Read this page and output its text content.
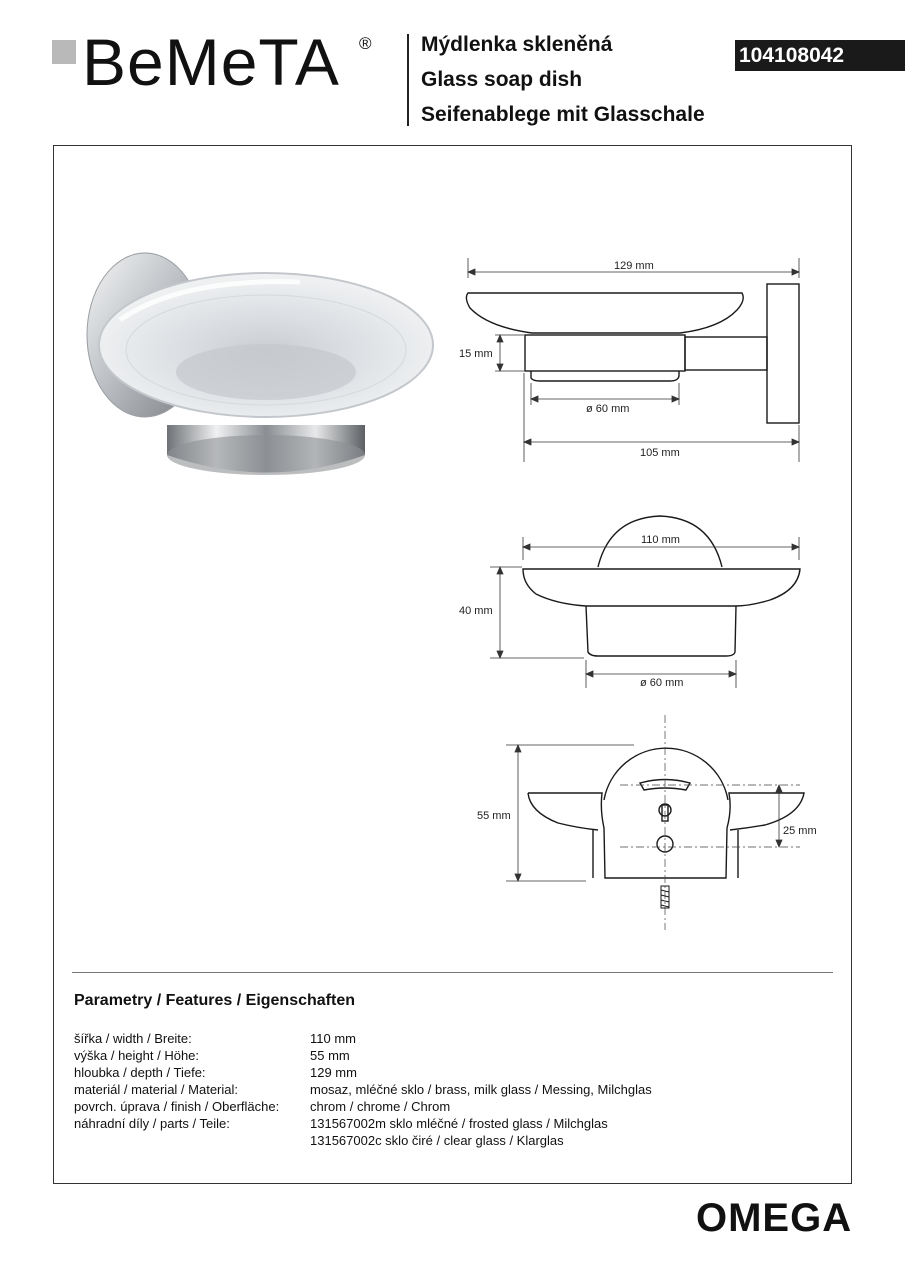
BeMeTA ® Mýdlenka skleněná
Glass soap dish
Seifenablege mit Glasschale
104108042
129 mm
15 mm
ø 60 mm
105 mm
110 mm
40 mm
ø 60 mm
55 mm
25 mm
Parametry / Features / Eigenschaften
šířka / width / Breite:	110 mm
výška / height / Höhe:	55 mm
hloubka / depth / Tiefe:	129 mm
materiál / material / Material:	mosaz, mléčné sklo / brass, milk glass / Messing, Milchglas
povrch. úprava / finish / Oberfläche: chrom / chrome / Chrom
náhradní díly / parts / Teile:	131567002m sklo mléčné / frosted glass / Milchglas
131567002c sklo čiré / clear glass / Klarglas
OMEGA
